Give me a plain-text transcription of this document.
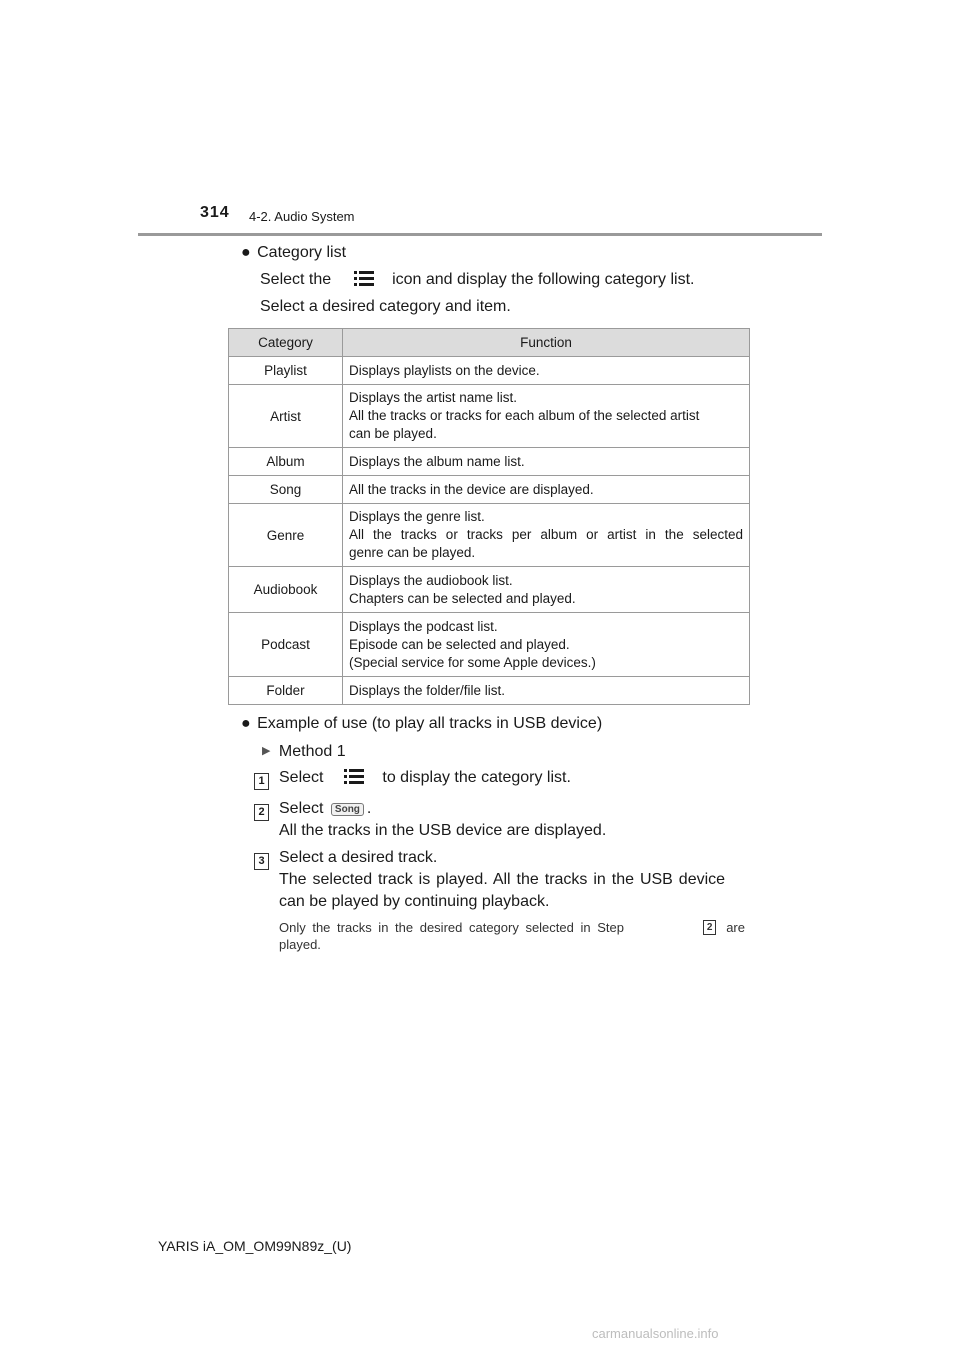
314 4-2. Audio System
● Category list
Select the	icon and display the following category list.
Select a desired category and item.
Category	Function
Playlist	Displays playlists on the device.

Artist	Displays the artist name list.
All the tracks or tracks for each album of the selected artist
can be played.

Album	Displays the album name list.

Song	All the tracks in the device are displayed.

Genre	Displays the genre list.
All the tracks or tracks per album or artist in the selected
genre can be played.

Audiobook	Displays the audiobook list.
Chapters can be selected and played.

Podcast	Displays the podcast list.
Episode can be selected and played.
(Special service for some Apple devices.)

Folder	Displays the folder/file list.
● Example of use (to play all tracks in USB device)
▶ Method 1
1 Select	to display the category list.
2 Select Song .
All the tracks in the USB device are displayed.
3 Select a desired track.
The selected track is played. All the tracks in the USB device
can be played by continuing playback.
Only the tracks in the desired category selected in Step	2 are
played.
YARIS iA_OM_OM99N89z_(U)
carmanualsonline.info
